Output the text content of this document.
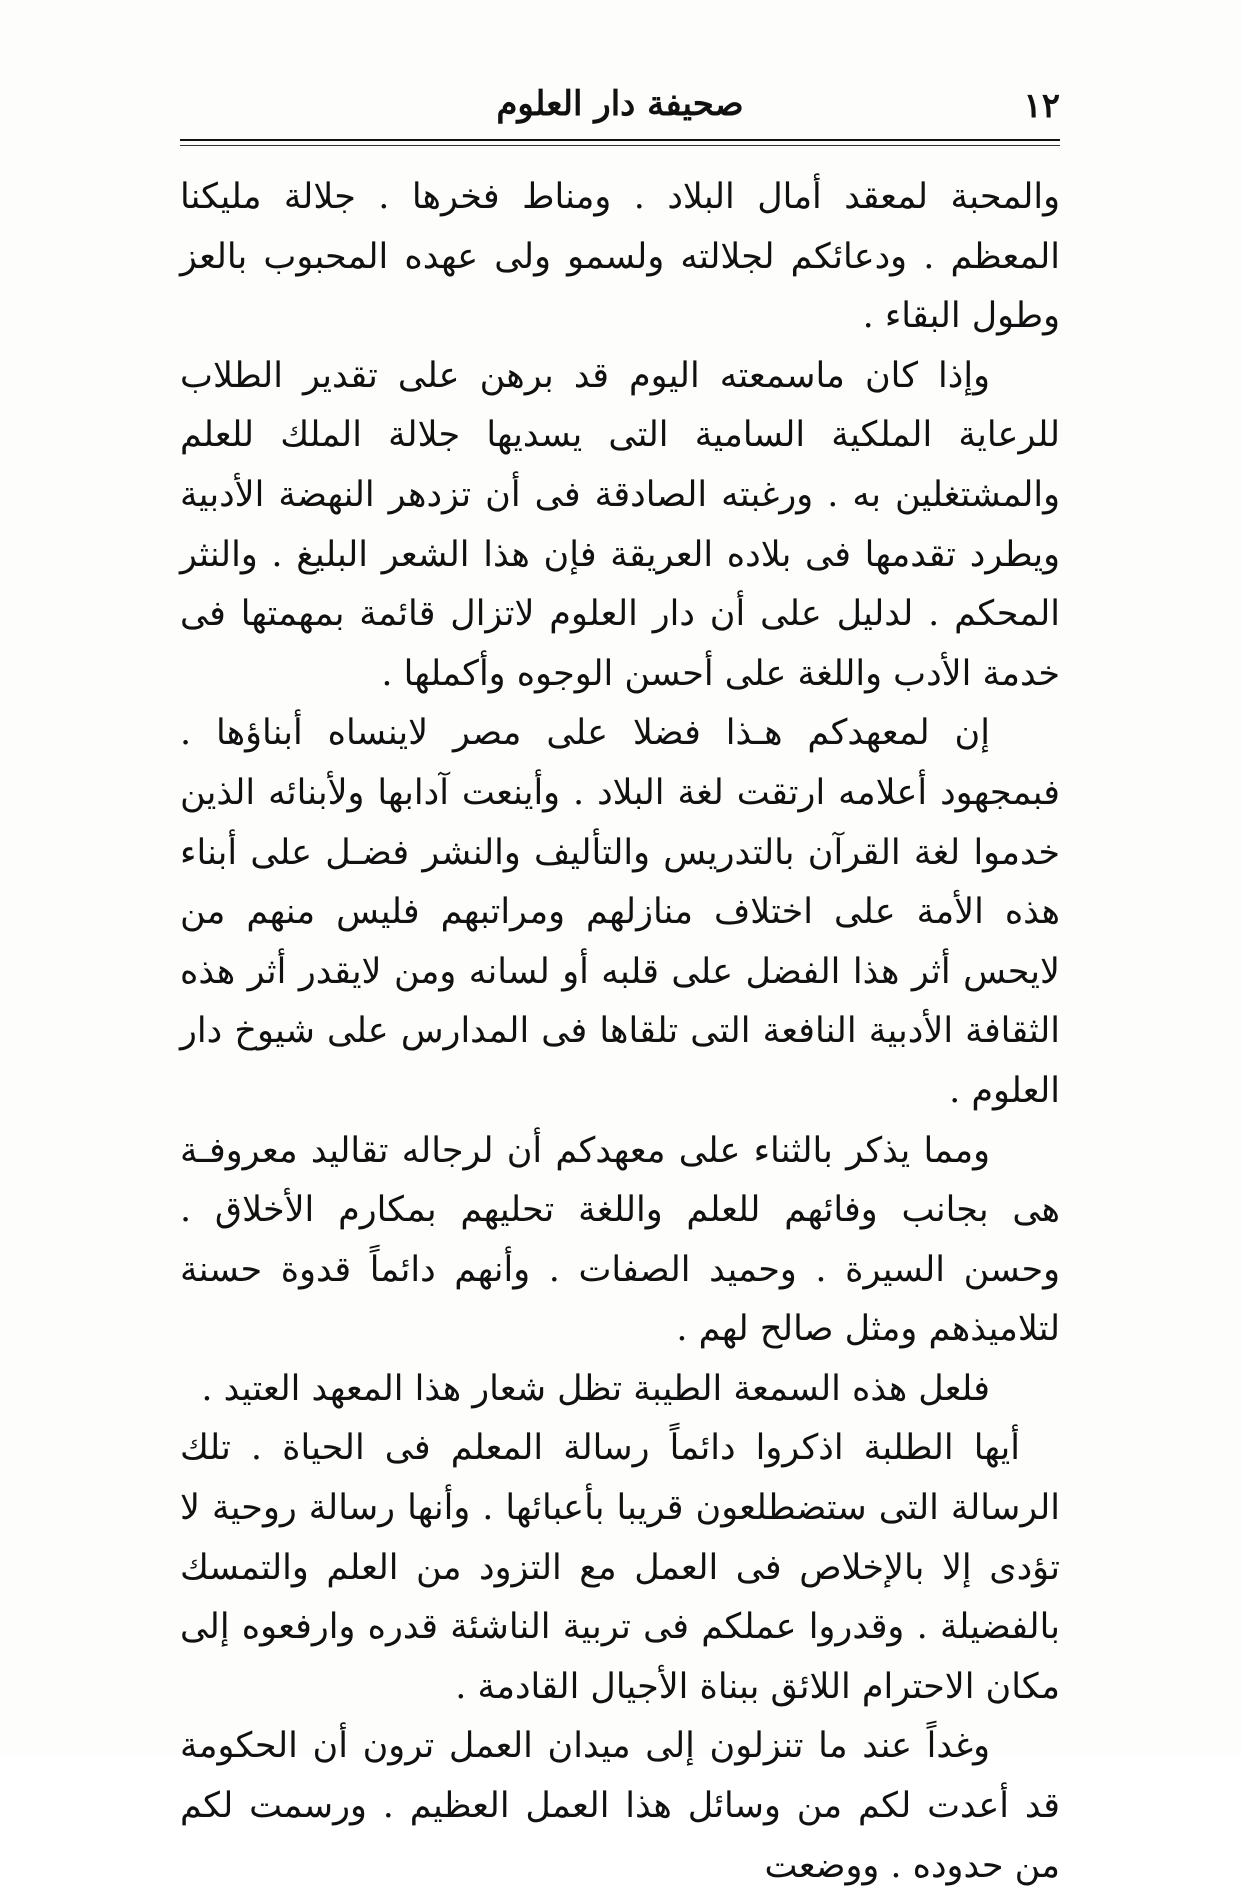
١٢
صحيفة دار العلوم

والمحبة لمعقد أمال البلاد . ومناط فخرها . جلالة مليكنا المعظم . ودعائكم لجلالته ولسمو ولى عهده المحبوب بالعز وطول البقاء .

وإذا كان ماسمعته اليوم قد برهن على تقدير الطلاب للرعاية الملكية السامية التى يسديها جلالة الملك للعلم والمشتغلين به . ورغبته الصادقة فى أن تزدهر النهضة الأدبية ويطرد تقدمها فى بلاده العريقة فإن هذا الشعر البليغ . والنثر المحكم . لدليل على أن دار العلوم لاتزال قائمة بمهمتها فى خدمة الأدب واللغة على أحسن الوجوه وأكملها .

إن لمعهدكم هـذا فضلا على مصر لاينساه أبناؤها . فبمجهود أعلامه ارتقت لغة البلاد . وأينعت آدابها ولأبنائه الذين خدموا لغة القرآن بالتدريس والتأليف والنشر فضـل على أبناء هذه الأمة على اختلاف منازلهم ومراتبهم فليس منهم من لايحس أثر هذا الفضل على قلبه أو لسانه ومن لايقدر أثر هذه الثقافة الأدبية النافعة التى تلقاها فى المدارس على شيوخ دار العلوم .

ومما يذكر بالثناء على معهدكم أن لرجاله تقاليد معروفـة هى بجانب وفائهم للعلم واللغة تحليهم بمكارم الأخلاق . وحسن السيرة . وحميد الصفات . وأنهم دائماً قدوة حسنة لتلاميذهم ومثل صالح لهم .

فلعل هذه السمعة الطيبة تظل شعار هذا المعهد العتيد .

أيها الطلبة اذكروا دائماً رسالة المعلم فى الحياة . تلك الرسالة التى ستضطلعون قريبا بأعبائها . وأنها رسالة روحية لا تؤدى إلا بالإخلاص فى العمل مع التزود من العلم والتمسك بالفضيلة . وقدروا عملكم فى تربية الناشئة قدره وارفعوه إلى مكان الاحترام اللائق ببناة الأجيال القادمة .

وغداً عند ما تنزلون إلى ميدان العمل ترون أن الحكومة قد أعدت لكم من وسائل هذا العمل العظيم . ورسمت لكم من حدوده . ووضعت
